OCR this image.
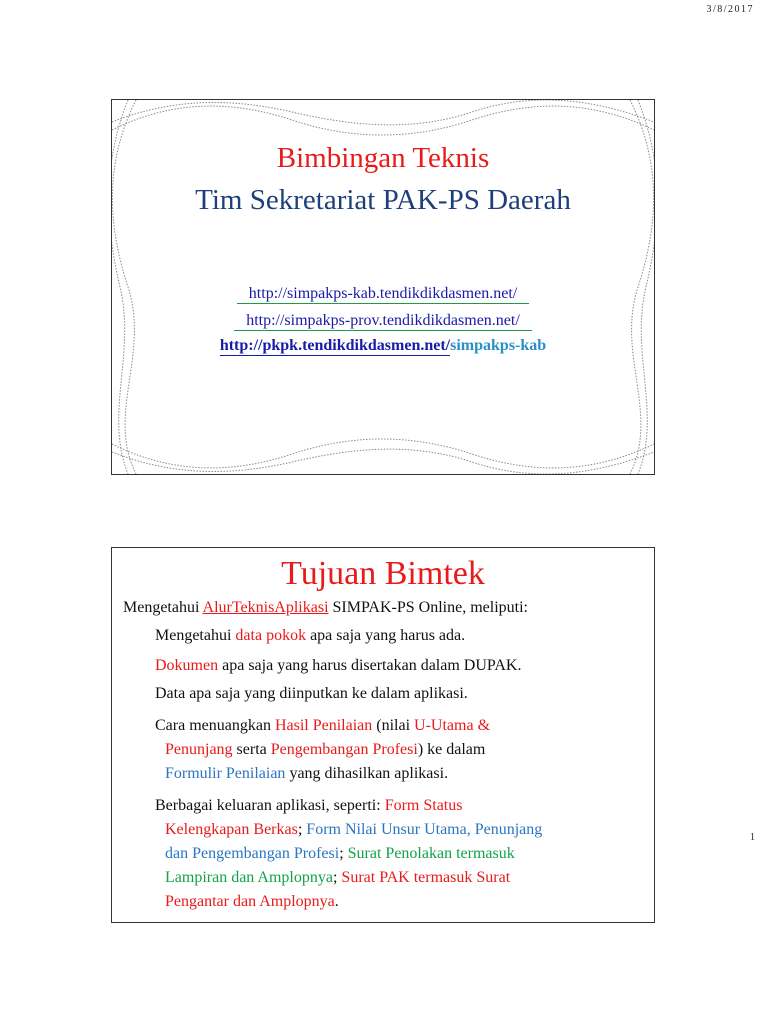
3/8/2017
Bimbingan Teknis
Tim Sekretariat PAK-PS Daerah
http://simpakps-kab.tendikdikdasmen.net/
http://simpakps-prov.tendikdikdasmen.net/
http://pkpk.tendikdikdasmen.net/simpakps-kab
Tujuan Bimtek
Mengetahui AlurTeknisAplikasi SIMPAK-PS Online, meliputi:
Mengetahui data pokok apa saja yang harus ada.
Dokumen apa saja yang harus disertakan dalam DUPAK.
Data apa saja yang diinputkan ke dalam aplikasi.
Cara menuangkan Hasil Penilaian (nilai U-Utama &
Penunjang serta Pengembangan Profesi) ke dalam
Formulir Penilaian yang dihasilkan aplikasi.
Berbagai keluaran aplikasi, seperti: Form Status
Kelengkapan Berkas; Form Nilai Unsur Utama, Penunjang
dan Pengembangan Profesi; Surat Penolakan termasuk
Lampiran dan Amplopnya; Surat PAK termasuk Surat
Pengantar dan Amplopnya.
1
